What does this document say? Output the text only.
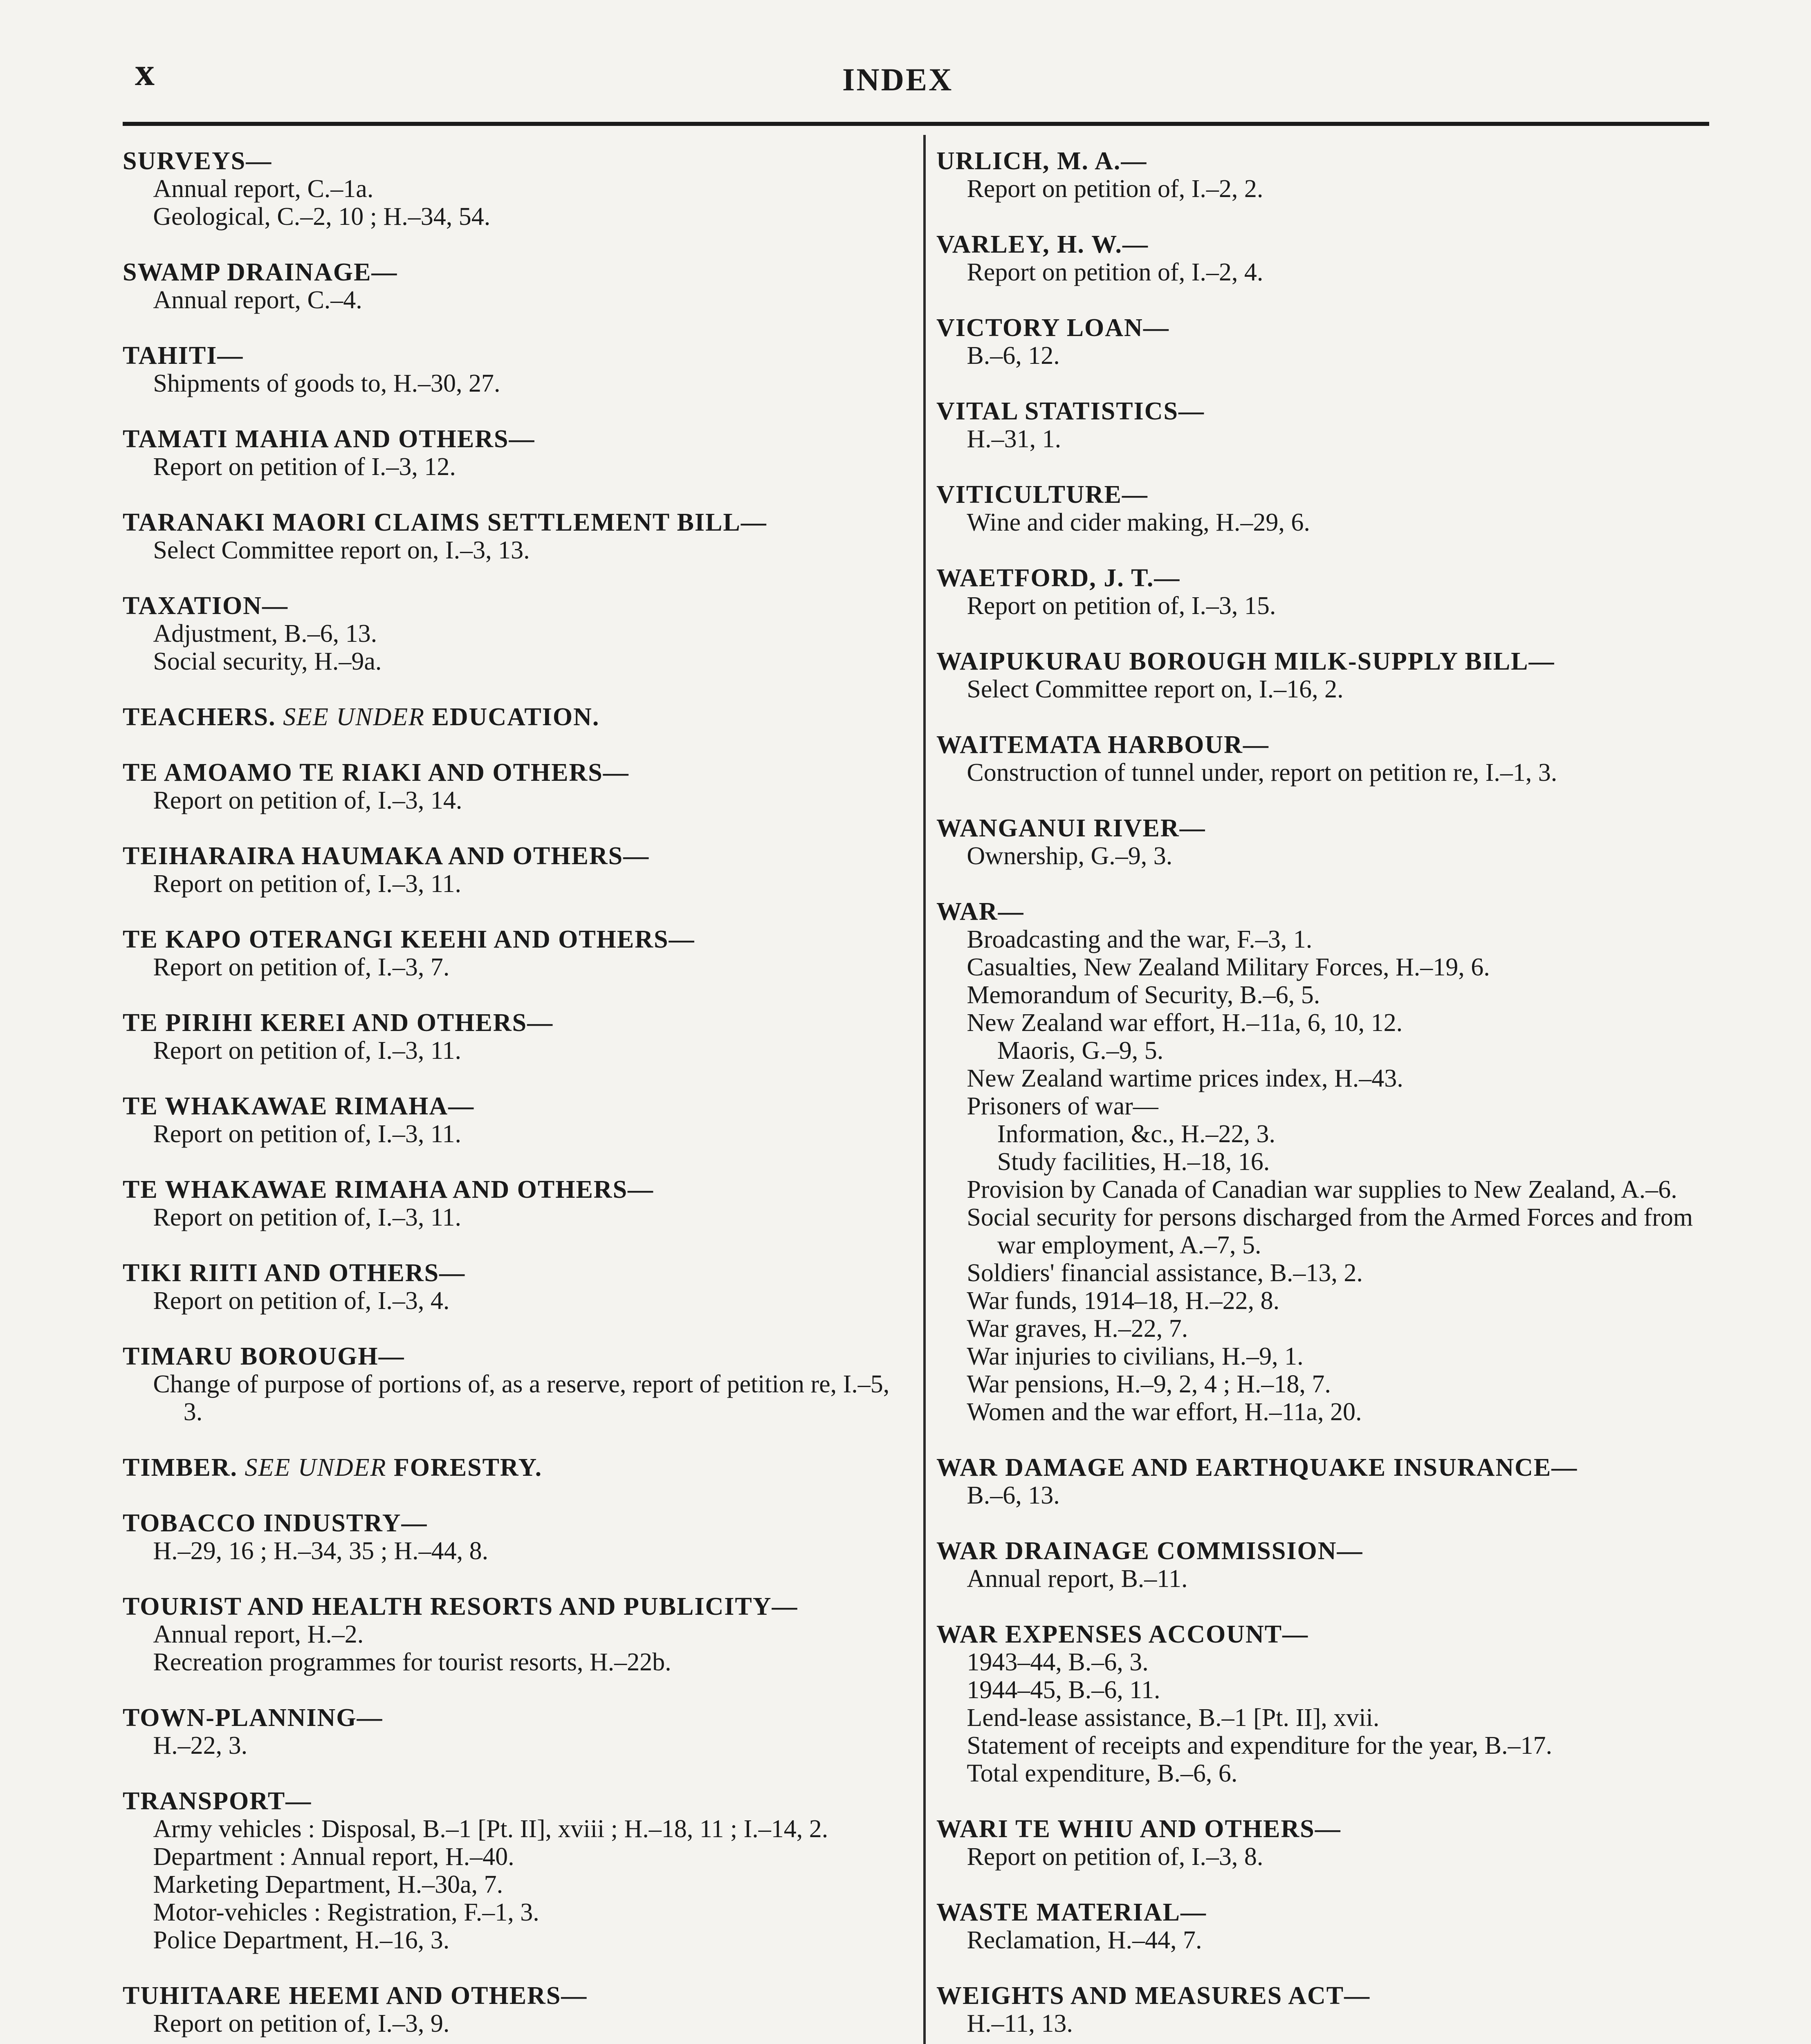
x	INDEX
SURVEYS—
Annual report, C.–1a.
Geological, C.–2, 10 ; H.–34, 54.
SWAMP DRAINAGE—
Annual report, C.–4.
TAHITI—
Shipments of goods to, H.–30, 27.
TAMATI MAHIA AND OTHERS—
Report on petition of I.–3, 12.
TARANAKI MAORI CLAIMS SETTLEMENT BILL—
Select Committee report on, I.–3, 13.
TAXATION—
Adjustment, B.–6, 13.
Social security, H.–9a.
TEACHERS. SEE UNDER EDUCATION.
TE AMOAMO TE RIAKI AND OTHERS—
Report on petition of, I.–3, 14.
TEIHARAIRA HAUMAKA AND OTHERS—
Report on petition of, I.–3, 11.
TE KAPO OTERANGI KEEHI AND OTHERS—
Report on petition of, I.–3, 7.
TE PIRIHI KEREI AND OTHERS—
Report on petition of, I.–3, 11.
TE WHAKAWAE RIMAHA—
Report on petition of, I.–3, 11.
TE WHAKAWAE RIMAHA AND OTHERS—
Report on petition of, I.–3, 11.
TIKI RIITI AND OTHERS—
Report on petition of, I.–3, 4.
TIMARU BOROUGH—
Change of purpose of portions of, as a reserve, report of petition re, I.–5, 3.
TIMBER. SEE UNDER FORESTRY.
TOBACCO INDUSTRY—
H.–29, 16 ; H.–34, 35 ; H.–44, 8.
TOURIST AND HEALTH RESORTS AND PUBLICITY—
Annual report, H.–2.
Recreation programmes for tourist resorts, H.–22b.
TOWN-PLANNING—
H.–22, 3.
TRANSPORT—
Army vehicles : Disposal, B.–1 [Pt. II], xviii ; H.–18, 11 ; I.–14, 2.
Department : Annual report, H.–40.
Marketing Department, H.–30a, 7.
Motor-vehicles : Registration, F.–1, 3.
Police Department, H.–16, 3.
TUHITAARE HEEMI AND OTHERS—
Report on petition of, I.–3, 9.
URLICH, M. A.—
Report on petition of, I.–2, 2.
VARLEY, H. W.—
Report on petition of, I.–2, 4.
VICTORY LOAN—
B.–6, 12.
VITAL STATISTICS—
H.–31, 1.
VITICULTURE—
Wine and cider making, H.–29, 6.
WAETFORD, J. T.—
Report on petition of, I.–3, 15.
WAIPUKURAU BOROUGH MILK-SUPPLY BILL—
Select Committee report on, I.–16, 2.
WAITEMATA HARBOUR—
Construction of tunnel under, report on petition re, I.–1, 3.
WANGANUI RIVER—
Ownership, G.–9, 3.
WAR—
Broadcasting and the war, F.–3, 1.
Casualties, New Zealand Military Forces, H.–19, 6.
Memorandum of Security, B.–6, 5.
New Zealand war effort, H.–11a, 6, 10, 12.
Maoris, G.–9, 5.
New Zealand wartime prices index, H.–43.
Prisoners of war—
Information, &c., H.–22, 3.
Study facilities, H.–18, 16.
Provision by Canada of Canadian war supplies to New Zealand, A.–6.
Social security for persons discharged from the Armed Forces and from war employment, A.–7, 5.
Soldiers' financial assistance, B.–13, 2.
War funds, 1914–18, H.–22, 8.
War graves, H.–22, 7.
War injuries to civilians, H.–9, 1.
War pensions, H.–9, 2, 4 ; H.–18, 7.
Women and the war effort, H.–11a, 20.
WAR DAMAGE AND EARTHQUAKE INSURANCE—
B.–6, 13.
WAR DRAINAGE COMMISSION—
Annual report, B.–11.
WAR EXPENSES ACCOUNT—
1943–44, B.–6, 3.
1944–45, B.–6, 11.
Lend-lease assistance, B.–1 [Pt. II], xvii.
Statement of receipts and expenditure for the year, B.–17.
Total expenditure, B.–6, 6.
WARI TE WHIU AND OTHERS—
Report on petition of, I.–3, 8.
WASTE MATERIAL—
Reclamation, H.–44, 7.
WEIGHTS AND MEASURES ACT—
H.–11, 13.
